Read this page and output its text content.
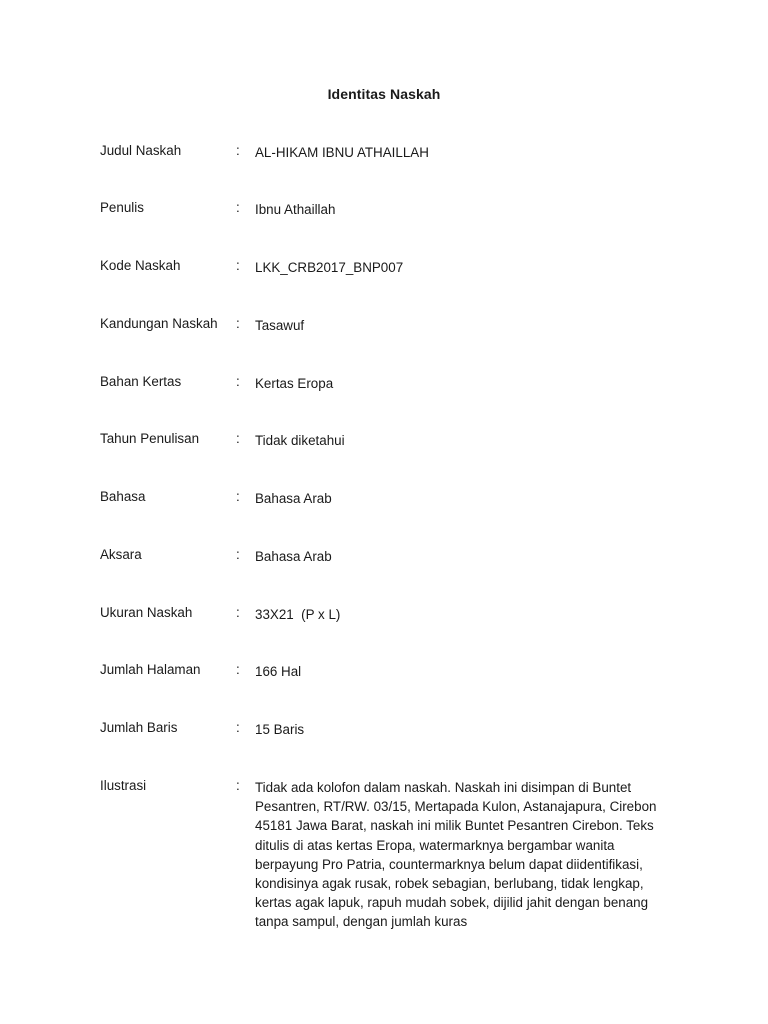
Identitas Naskah
Judul Naskah	: AL-HIKAM IBNU ATHAILLAH
Penulis	: Ibnu Athaillah
Kode Naskah	: LKK_CRB2017_BNP007
Kandungan Naskah	: Tasawuf
Bahan Kertas	: Kertas Eropa
Tahun Penulisan	: Tidak diketahui
Bahasa	: Bahasa Arab
Aksara	: Bahasa Arab
Ukuran Naskah	: 33X21  (P x L)
Jumlah Halaman	: 166 Hal
Jumlah Baris	: 15 Baris
Ilustrasi	: Tidak ada kolofon dalam naskah. Naskah ini disimpan di Buntet Pesantren, RT/RW. 03/15, Mertapada Kulon, Astanajapura, Cirebon 45181 Jawa Barat, naskah ini milik Buntet Pesantren Cirebon. Teks ditulis di atas kertas Eropa, watermarknya bergambar wanita berpayung Pro Patria, countermarknya belum dapat diidentifikasi, kondisinya agak rusak, robek sebagian, berlubang, tidak lengkap, kertas agak lapuk, rapuh mudah sobek, dijilid jahit dengan benang tanpa sampul, dengan jumlah kuras
